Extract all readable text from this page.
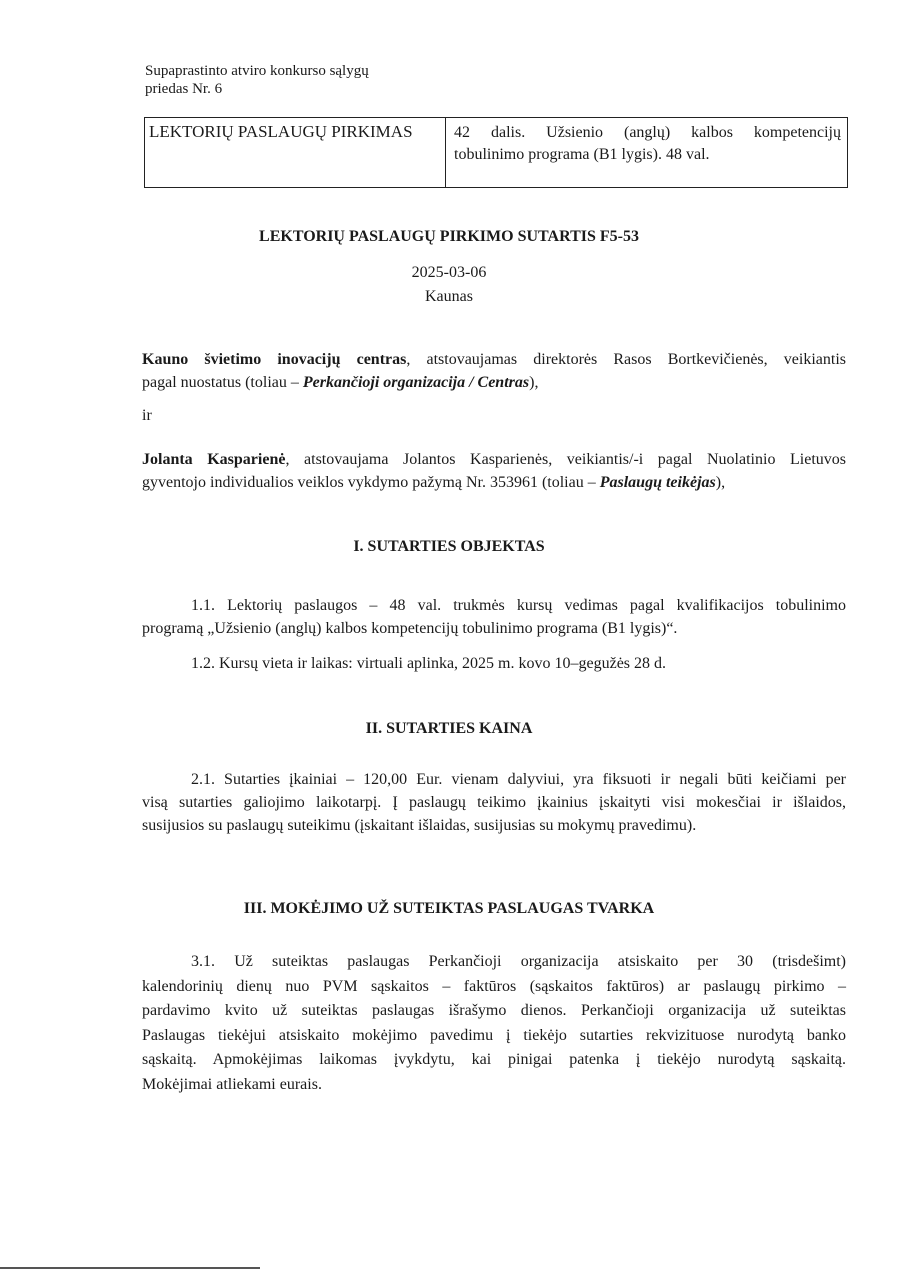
Supaprastinto atviro konkurso sąlygų
priedas Nr. 6
LEKTORIŲ PASLAUGŲ PIRKIMAS	42 dalis. Užsienio (anglų) kalbos kompetencijų
tobulinimo programa (B1 lygis). 48 val.
LEKTORIŲ PASLAUGŲ PIRKIMO SUTARTIS F5-53
2025-03-06
Kaunas
Kauno švietimo inovacijų centras, atstovaujamas direktorės Rasos Bortkevičienės, veikiantis
pagal nuostatus (toliau – Perkančioji organizacija / Centras),
ir
Jolanta Kasparienė, atstovaujama Jolantos Kasparienės, veikiantis/-i pagal Nuolatinio Lietuvos
gyventojo individualios veiklos vykdymo pažymą Nr. 353961 (toliau – Paslaugų teikėjas),
I. SUTARTIES OBJEKTAS
1.1. Lektorių paslaugos – 48 val. trukmės kursų vedimas pagal kvalifikacijos tobulinimo
programą „Užsienio (anglų) kalbos kompetencijų tobulinimo programa (B1 lygis)“.
1.2. Kursų vieta ir laikas: virtuali aplinka, 2025 m. kovo 10–gegužės 28 d.
II. SUTARTIES KAINA
2.1. Sutarties įkainiai – 120,00 Eur. vienam dalyviui, yra fiksuoti ir negali būti keičiami per
visą sutarties galiojimo laikotarpį. Į paslaugų teikimo įkainius įskaityti visi mokesčiai ir išlaidos,
susijusios su paslaugų suteikimu (įskaitant išlaidas, susijusias su mokymų pravedimu).
III. MOKĖJIMO UŽ SUTEIKTAS PASLAUGAS TVARKA
3.1. Už suteiktas paslaugas Perkančioji organizacija atsiskaito per 30 (trisdešimt)
kalendorinių dienų nuo PVM sąskaitos – faktūros (sąskaitos faktūros) ar paslaugų pirkimo –
pardavimo kvito už suteiktas paslaugas išrašymo dienos. Perkančioji organizacija už suteiktas
Paslaugas tiekėjui atsiskaito mokėjimo pavedimu į tiekėjo sutarties rekvizituose nurodytą banko
sąskaitą. Apmokėjimas laikomas įvykdytu, kai pinigai patenka į tiekėjo nurodytą sąskaitą.
Mokėjimai atliekami eurais.
